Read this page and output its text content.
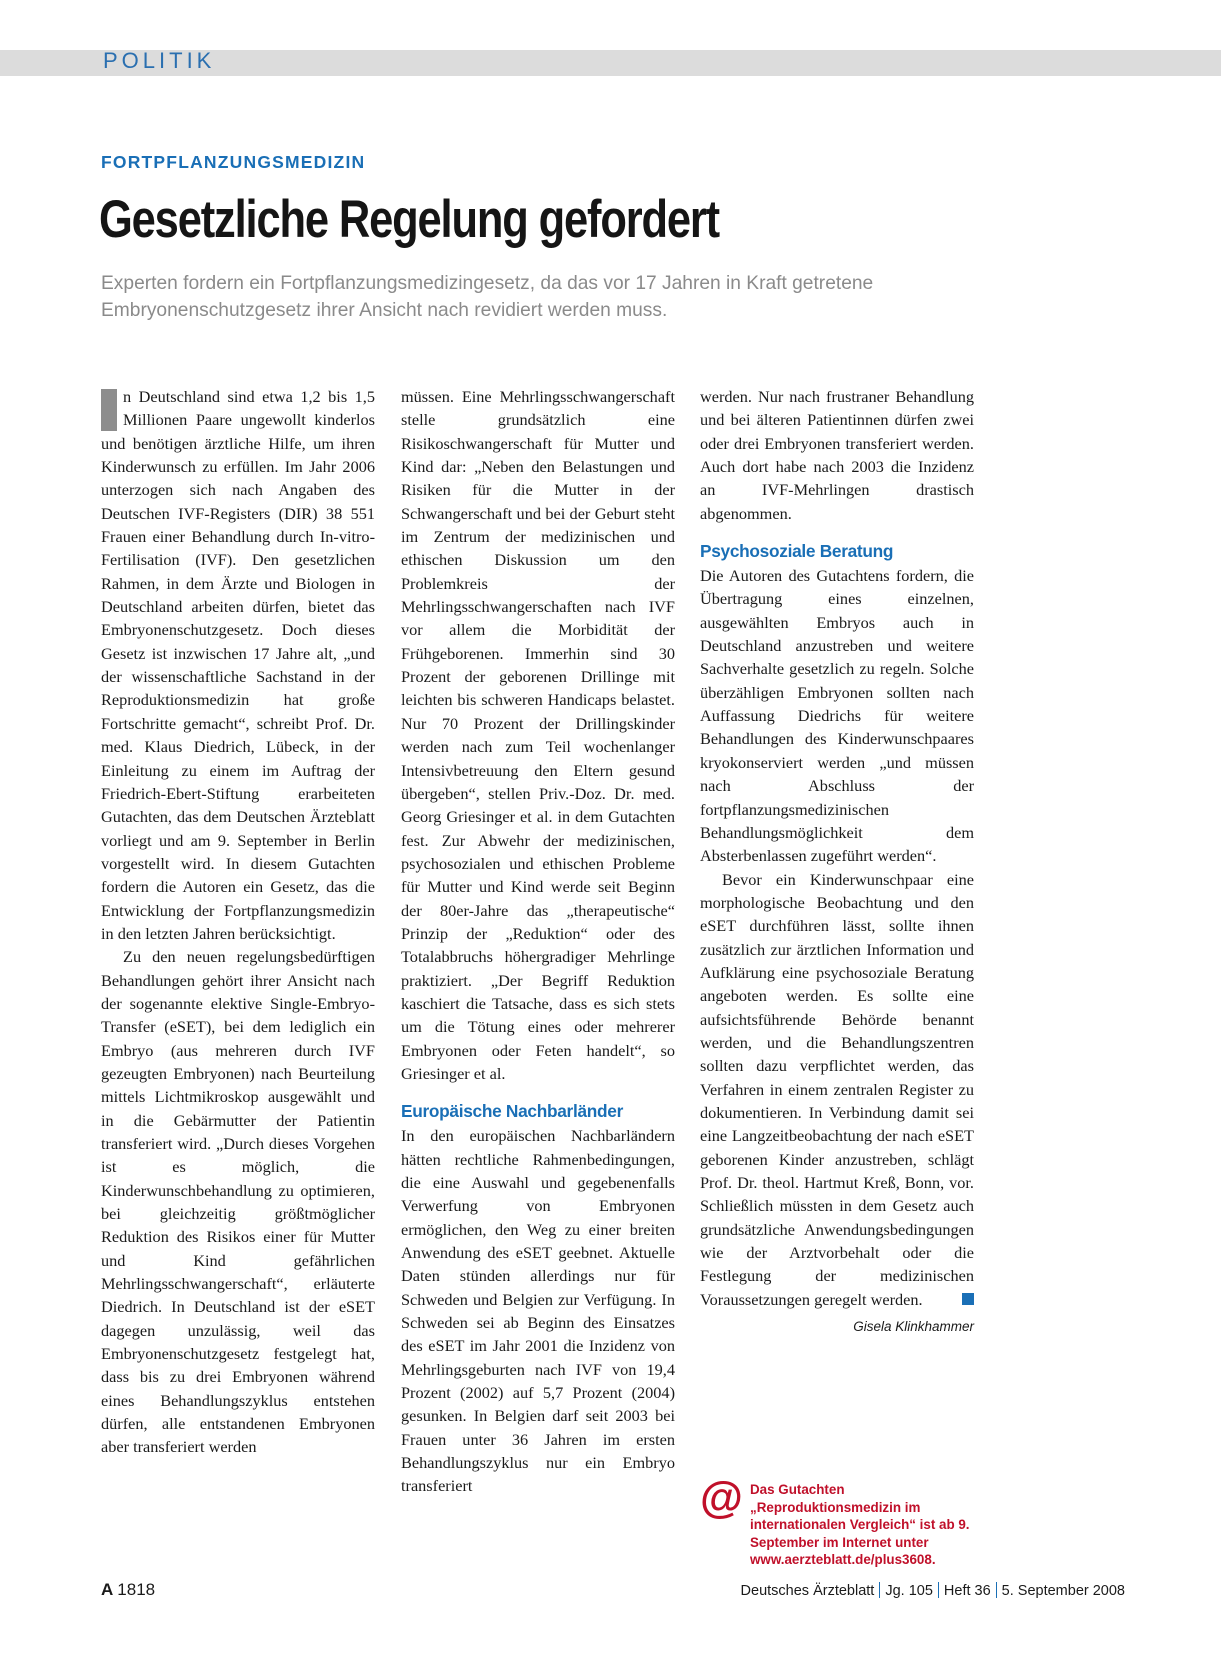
POLITIK
FORTPFLANZUNGSMEDIZIN
Gesetzliche Regelung gefordert
Experten fordern ein Fortpflanzungsmedizingesetz, da das vor 17 Jahren in Kraft getretene Embryonenschutzgesetz ihrer Ansicht nach revidiert werden muss.

n Deutschland sind etwa 1,2 bis 1,5 Millionen Paare ungewollt kinderlos und benötigen ärztliche Hilfe, um ihren Kinderwunsch zu erfüllen. Im Jahr 2006 unterzogen sich nach Angaben des Deutschen IVF-Registers (DIR) 38 551 Frauen einer Behandlung durch In-vitro-Fertilisation (IVF). Den gesetzlichen Rahmen, in dem Ärzte und Biologen in Deutschland arbeiten dürfen, bietet das Embryonenschutzgesetz. Doch dieses Gesetz ist inzwischen 17 Jahre alt, „und der wissenschaftliche Sachstand in der Reproduktionsmedizin hat große Fortschritte gemacht“, schreibt Prof. Dr. med. Klaus Diedrich, Lübeck, in der Einleitung zu einem im Auftrag der Friedrich-Ebert-Stiftung erarbeiteten Gutachten, das dem Deutschen Ärzteblatt vorliegt und am 9. September in Berlin vorgestellt wird. In diesem Gutachten fordern die Autoren ein Gesetz, das die Entwicklung der Fortpflanzungsmedizin in den letzten Jahren berücksichtigt.

Zu den neuen regelungsbedürftigen Behandlungen gehört ihrer Ansicht nach der sogenannte elektive Single-Embryo-Transfer (eSET), bei dem lediglich ein Embryo (aus mehreren durch IVF gezeugten Embryonen) nach Beurteilung mittels Lichtmikroskop ausgewählt und in die Gebärmutter der Patientin transferiert wird. „Durch dieses Vorgehen ist es möglich, die Kinderwunschbehandlung zu optimieren, bei gleichzeitig größtmöglicher Reduktion des Risikos einer für Mutter und Kind gefährlichen Mehrlingsschwangerschaft“, erläuterte Diedrich. In Deutschland ist der eSET dagegen unzulässig, weil das Embryonenschutzgesetz festgelegt hat, dass bis zu drei Embryonen während eines Behandlungszyklus entstehen dürfen, alle entstandenen Embryonen aber transferiert werden

müssen. Eine Mehrlingsschwangerschaft stelle grundsätzlich eine Risikoschwangerschaft für Mutter und Kind dar: „Neben den Belastungen und Risiken für die Mutter in der Schwangerschaft und bei der Geburt steht im Zentrum der medizinischen und ethischen Diskussion um den Problemkreis der Mehrlingsschwangerschaften nach IVF vor allem die Morbidität der Frühgeborenen. Immerhin sind 30 Prozent der geborenen Drillinge mit leichten bis schweren Handicaps belastet. Nur 70 Prozent der Drillingskinder werden nach zum Teil wochenlanger Intensivbetreuung den Eltern gesund übergeben“, stellen Priv.-Doz. Dr. med. Georg Griesinger et al. in dem Gutachten fest. Zur Abwehr der medizinischen, psychosozialen und ethischen Probleme für Mutter und Kind werde seit Beginn der 80er-Jahre das „therapeutische“ Prinzip der „Reduktion“ oder des Totalabbruchs höhergradiger Mehrlinge praktiziert. „Der Begriff Reduktion kaschiert die Tatsache, dass es sich stets um die Tötung eines oder mehrerer Embryonen oder Feten handelt“, so Griesinger et al.

Europäische Nachbarländer

In den europäischen Nachbarländern hätten rechtliche Rahmenbedingungen, die eine Auswahl und gegebenenfalls Verwerfung von Embryonen ermöglichen, den Weg zu einer breiten Anwendung des eSET geebnet. Aktuelle Daten stünden allerdings nur für Schweden und Belgien zur Verfügung. In Schweden sei ab Beginn des Einsatzes des eSET im Jahr 2001 die Inzidenz von Mehrlingsgeburten nach IVF von 19,4 Prozent (2002) auf 5,7 Prozent (2004) gesunken. In Belgien darf seit 2003 bei Frauen unter 36 Jahren im ersten Behandlungszyklus nur ein Embryo transferiert

werden. Nur nach frustraner Behandlung und bei älteren Patientinnen dürfen zwei oder drei Embryonen transferiert werden. Auch dort habe nach 2003 die Inzidenz an IVF-Mehrlingen drastisch abgenommen.

Psychosoziale Beratung

Die Autoren des Gutachtens fordern, die Übertragung eines einzelnen, ausgewählten Embryos auch in Deutschland anzustreben und weitere Sachverhalte gesetzlich zu regeln. Solche überzähligen Embryonen sollten nach Auffassung Diedrichs für weitere Behandlungen des Kinderwunschpaares kryokonserviert werden „und müssen nach Abschluss der fortpflanzungsmedizinischen Behandlungsmöglichkeit dem Absterbenlassen zugeführt werden“.

Bevor ein Kinderwunschpaar eine morphologische Beobachtung und den eSET durchführen lässt, sollte ihnen zusätzlich zur ärztlichen Information und Aufklärung eine psychosoziale Beratung angeboten werden. Es sollte eine aufsichtsführende Behörde benannt werden, und die Behandlungszentren sollten dazu verpflichtet werden, das Verfahren in einem zentralen Register zu dokumentieren. In Verbindung damit sei eine Langzeitbeobachtung der nach eSET geborenen Kinder anzustreben, schlägt Prof. Dr. theol. Hartmut Kreß, Bonn, vor. Schließlich müssten in dem Gesetz auch grundsätzliche Anwendungsbedingungen wie der Arztvorbehalt oder die Festlegung der medizinischen Voraussetzungen geregelt werden.

Gisela Klinkhammer
@ Das Gutachten „Reproduktionsmedizin im internationalen Vergleich“ ist ab 9. September im Internet unter www.aerzteblatt.de/plus3608.
A 1818	Deutsches Ärzteblatt Jg. 105 Heft 36 5. September 2008
